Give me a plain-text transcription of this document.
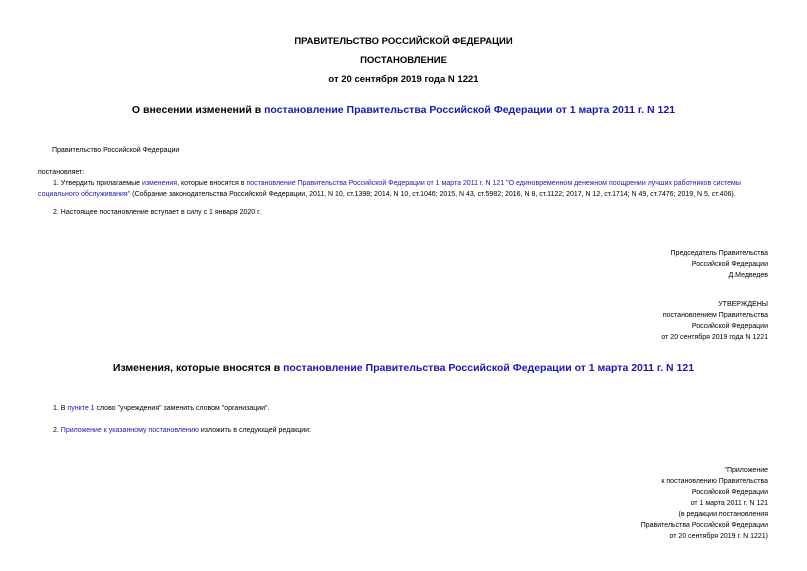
ПРАВИТЕЛЬСТВО РОССИЙСКОЙ ФЕДЕРАЦИИ
ПОСТАНОВЛЕНИЕ
от 20 сентября 2019 года N 1221
О внесении изменений в постановление Правительства Российской Федерации от 1 марта 2011 г. N 121
Правительство Российской Федерации
постановляет:

1. Утвердить прилагаемые изменения, которые вносятся в постановление Правительства Российской Федерации от 1 марта 2011 г. N 121 "О единовременном денежном поощрении лучших работников системы

социального обслуживания" (Собрание законодательства Российской Федерации, 2011, N 10, ст.1398; 2014, N 10, ст.1046; 2015, N 43, ст.5982; 2016, N 8, ст.1122; 2017, N 12, ст.1714; N 49, ст.7476; 2019, N 5, ст.406).

2. Настоящее постановление вступает в силу с 1 января 2020 г.

Председатель Правительства

Российской Федерации

Д.Медведев

УТВЕРЖДЕНЫ

постановлением Правительства

Российской Федерации

от 20 сентября 2019 года N 1221

Изменения, которые вносятся в постановление Правительства Российской Федерации от 1 марта 2011 г. N 121
1. В пункте 1 слово "учреждения" заменить словом "организации".
2. Приложение к указанному постановлению изложить в следующей редакции:

"Приложение

к постановлению Правительства

Российской Федерации

от 1 марта 2011 г. N 121

(в редакции постановления

Правительства Российской Федерации

от 20 сентября 2019 г. N 1221)
